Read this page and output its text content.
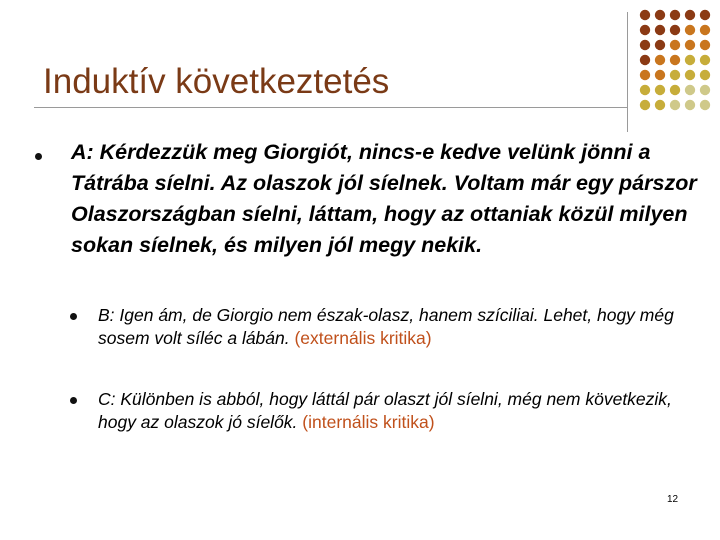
Induktív következtetés
A: Kérdezzük meg Giorgiót, nincs-e kedve velünk jönni a Tátrába síelni. Az olaszok jól síelnek. Voltam már egy párszor Olaszországban síelni, láttam, hogy az ottaniak közül milyen sokan síelnek, és milyen jól megy nekik.
B: Igen ám, de Giorgio nem észak-olasz, hanem szíciliai. Lehet, hogy még sosem volt síléc a lábán. (externális kritika)
C: Különben is abból, hogy láttál pár olaszt jól síelni, még nem következik, hogy az olaszok jó síelők. (internális kritika)
12
